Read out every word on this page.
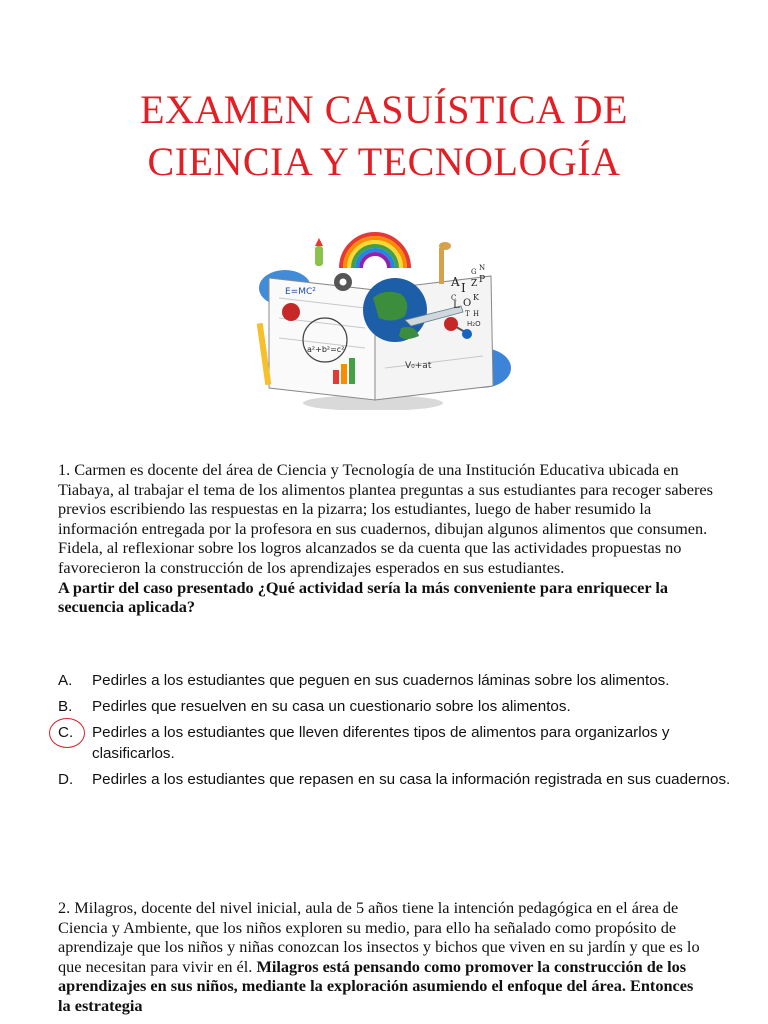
EXAMEN CASUÍSTICA DE
CIENCIA Y TECNOLOGÍA
E=MC²
a²+b²=c²
H₂O
V₀+at
A I Z
C
L O
K
T H
G N
P
1. Carmen es docente del área de Ciencia y Tecnología de una Institución Educativa ubicada en Tiabaya, al trabajar el tema de los alimentos plantea preguntas a sus estudiantes para recoger saberes previos escribiendo las respuestas en la pizarra; los estudiantes, luego de haber resumido la información entregada por la profesora en sus cuadernos, dibujan algunos alimentos que consumen. Fidela, al reflexionar sobre los logros alcanzados se da cuenta que las actividades propuestas no favorecieron la construcción de los aprendizajes esperados en sus estudiantes.
A partir del caso presentado ¿Qué actividad sería la más conveniente para enriquecer la secuencia aplicada?
A. Pedirles a los estudiantes que peguen en sus cuadernos láminas sobre los alimentos.
B. Pedirles que resuelven en su casa un cuestionario sobre los alimentos.
C. Pedirles a los estudiantes que lleven diferentes tipos de alimentos para organizarlos y clasificarlos.
D. Pedirles a los estudiantes que repasen en su casa la información registrada en sus cuadernos.
2. Milagros, docente del nivel inicial, aula de 5 años tiene la intención pedagógica en el área de Ciencia y Ambiente, que los niños exploren su medio, para ello ha señalado como propósito de aprendizaje que los niños y niñas conozcan los insectos y bichos que viven en su jardín y que es lo que necesitan para vivir en él. Milagros está pensando como promover la construcción de los aprendizajes en sus niños, mediante la exploración asumiendo el enfoque del área. Entonces la estrategia
